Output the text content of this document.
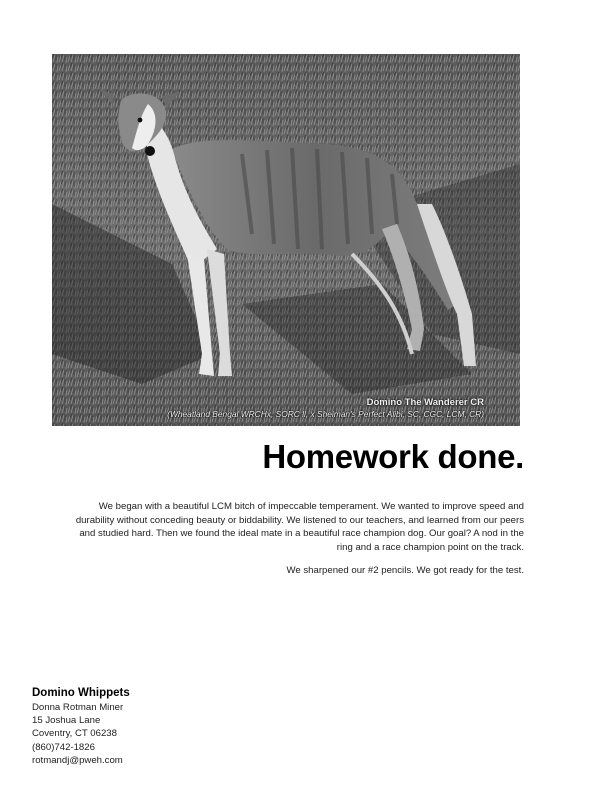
Domino The Wanderer CR
(Wheatland Bengal WRCHx, SORC ll, x Sheiman's Perfect Alibi, SC, CGC, LCM, CR)
Homework done.

We began with a beautiful LCM bitch of impeccable temperament. We wanted to improve speed and durability without conceding beauty or biddability. We listened to our teachers, and learned from our peers and studied hard. Then we found the ideal mate in a beautiful race champion dog. Our goal? A nod in the ring and a race champion point on the track.

We sharpened our #2 pencils. We got ready for the test.

Domino Whippets
Donna Rotman Miner
15 Joshua Lane
Coventry, CT 06238
(860)742-1826
rotmandj@pweh.com
